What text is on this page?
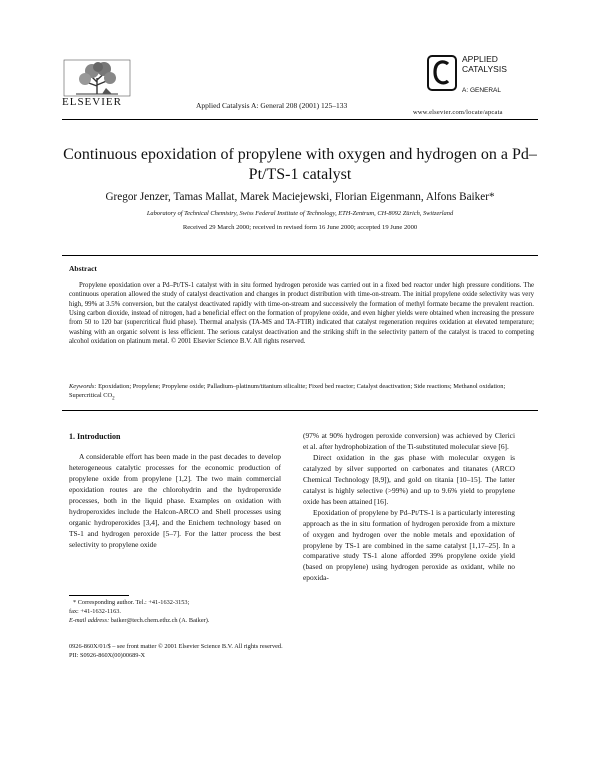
ELSEVIER	Applied Catalysis A: General 208 (2001) 125–133
APPLIED
CATALYSIS
A: GENERAL
www.elsevier.com/locate/apcata
Continuous epoxidation of propylene with oxygen and hydrogen on a Pd–Pt/TS-1 catalyst
Gregor Jenzer, Tamas Mallat, Marek Maciejewski, Florian Eigenmann, Alfons Baiker*
Laboratory of Technical Chemistry, Swiss Federal Institute of Technology, ETH-Zentrum, CH-8092 Zürich, Switzerland
Received 29 March 2000; received in revised form 16 June 2000; accepted 19 June 2000
Abstract
Propylene epoxidation over a Pd–Pt/TS-1 catalyst with in situ formed hydrogen peroxide was carried out in a fixed bed reactor under high pressure conditions. The continuous operation allowed the study of catalyst deactivation and changes in product distribution with time-on-stream. The initial propylene oxide selectivity was very high, 99% at 3.5% conversion, but the catalyst deactivated rapidly with time-on-stream and successively the formation of methyl formate became the prevalent reaction. Using carbon dioxide, instead of nitrogen, had a beneficial effect on the formation of propylene oxide, and even higher yields were obtained when increasing the pressure from 50 to 120 bar (supercritical fluid phase). Thermal analysis (TA-MS and TA-FTIR) indicated that catalyst regeneration requires oxidation at elevated temperature; washing with an organic solvent is less efficient. The serious catalyst deactivation and the striking shift in the selectivity pattern of the catalyst is traced to competing alcohol oxidation on platinum metal. © 2001 Elsevier Science B.V. All rights reserved.
Keywords: Epoxidation; Propylene; Propylene oxide; Palladium–platinum/titanium silicalite; Fixed bed reactor; Catalyst deactivation; Side reactions; Methanol oxidation; Supercritical $CO_2$
1. Introduction

A considerable effort has been made in the past decades to develop heterogeneous catalytic processes for the economic production of propylene oxide from propylene [1,2]. The two main commercial epoxidation routes are the chlorohydrin and the hydroperoxide processes, both in the liquid phase. Examples on oxidation with hydroperoxides include the Halcon-ARCO and Shell processes using organic hydroperoxides [3,4], and the Enichem technology based on TS-1 and hydrogen peroxide [5–7]. For the latter process the best selectivity to propylene oxide

(97% at 90% hydrogen peroxide conversion) was achieved by Clerici et al. after hydrophobization of the Ti-substituted molecular sieve [6].

Direct oxidation in the gas phase with molecular oxygen is catalyzed by silver supported on carbonates and titanates (ARCO Chemical Technology [8,9]), and gold on titania [10–15]. The latter catalyst is highly selective (>99%) and up to 9.6% yield to propylene oxide has been attained [16].

Epoxidation of propylene by Pd–Pt/TS-1 is a particularly interesting approach as the in situ formation of hydrogen peroxide from a mixture of oxygen and hydrogen over the noble metals and epoxidation of propylene by TS-1 are combined in the same catalyst [1,17–25]. In a comparative study TS-1 alone afforded 39% propylene oxide yield (based on propylene) using hydrogen peroxide as oxidant, while no epoxida-

* Corresponding author. Tel.: +41-1632-3153;
fax: +41-1632-1163.
E-mail address: baiker@tech.chem.ethz.ch (A. Baiker).
0926-860X/01/$ – see front matter © 2001 Elsevier Science B.V. All rights reserved.
PII: S0926-860X(00)00689-X
